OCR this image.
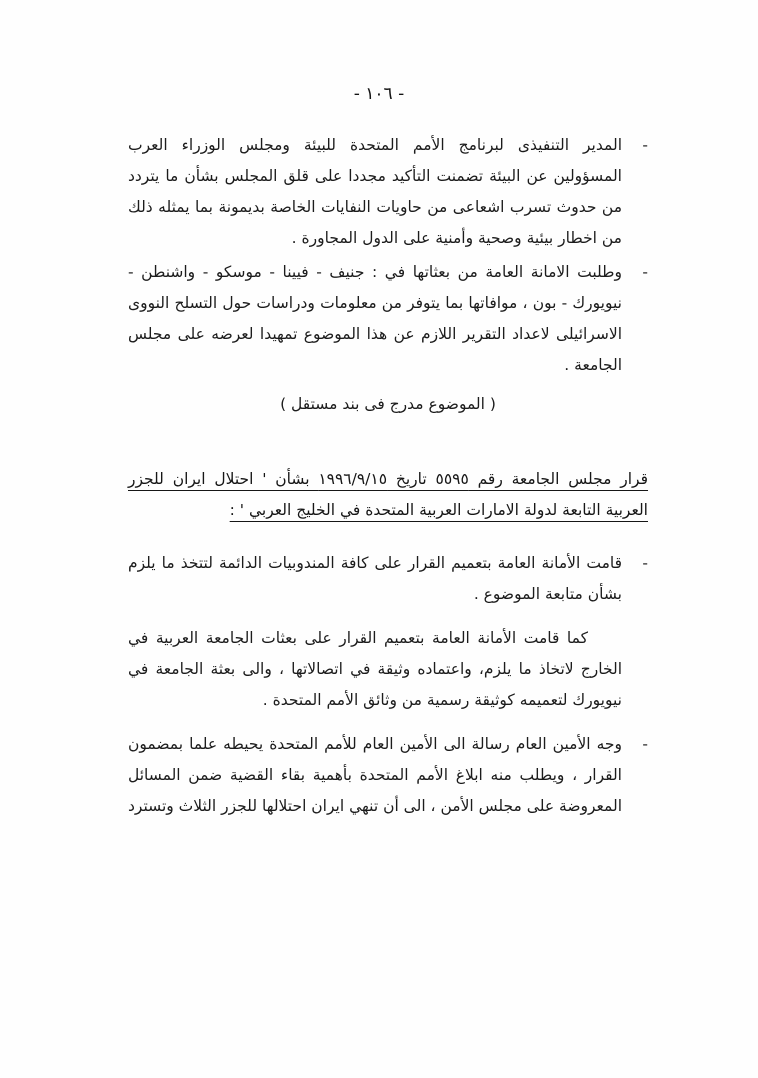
- ١٠٦ -
-
المدير التنفيذى لبرنامج الأمم المتحدة للبيئة ومجلس الوزراء العرب المسؤولين عن البيئة تضمنت التأكيد مجددا على قلق المجلس بشأن ما يتردد من حدوث تسرب اشعاعى من حاويات النفايات الخاصة بديمونة بما يمثله ذلك من اخطار بيئية وصحية وأمنية على الدول المجاورة .
-
وطلبت الامانة العامة من بعثاتها في : جنيف - فيينا - موسكو - واشنطن - نيويورك - بون ، موافاتها بما يتوفر من معلومات ودراسات حول التسلح النووى الاسرائيلى لاعداد التقرير اللازم عن هذا الموضوع تمهيدا لعرضه على مجلس الجامعة .
( الموضوع مدرج فى بند مستقل )
قرار مجلس الجامعة رقم ٥٥٩٥ تاريخ ١٩٩٦/٩/١٥ بشأن ' احتلال ايران للجزر العربية التابعة لدولة الامارات العربية المتحدة في الخليج العربي ' :
-
قامت الأمانة العامة بتعميم القرار على كافة المندوبيات الدائمة لتتخذ ما يلزم بشأن متابعة الموضوع .
كما قامت الأمانة العامة بتعميم القرار على بعثات الجامعة العربية في الخارج لاتخاذ ما يلزم، واعتماده وثيقة في اتصالاتها ، والى بعثة الجامعة في نيويورك لتعميمه كوثيقة رسمية من وثائق الأمم المتحدة .
-
وجه الأمين العام رسالة الى الأمين العام للأمم المتحدة يحيطه علما بمضمون القرار ، ويطلب منه ابلاغ الأمم المتحدة بأهمية بقاء القضية ضمن المسائل المعروضة على مجلس الأمن ، الى أن تنهي ايران احتلالها للجزر الثلاث وتسترد
